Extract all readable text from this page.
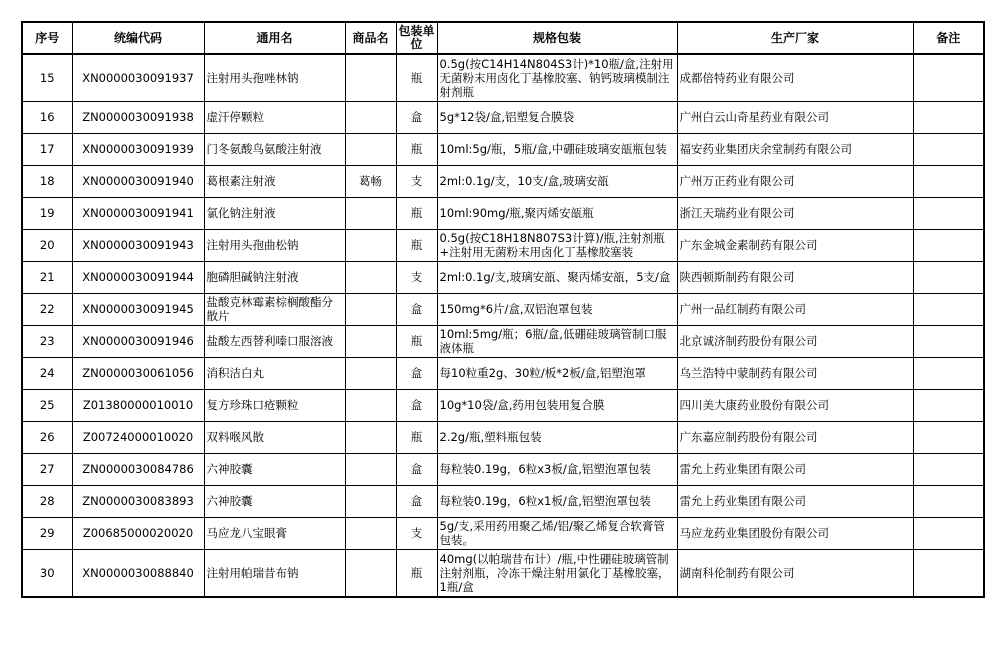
序号	统编代码	通用名	商品名	包装单位	规格包装	生产厂家	备注
15	XN0000030091937	注射用头孢唑林钠		瓶	0.5g(按C14H14N804S3计)*10瓶/盒,注射用无菌粉末用卤化丁基橡胶塞、钠钙玻璃模制注射剂瓶	成都倍特药业有限公司	
16	ZN0000030091938	虚汗停颗粒		盒	5g*12袋/盒,铝塑复合膜袋	广州白云山奇星药业有限公司	
17	XN0000030091939	门冬氨酸鸟氨酸注射液		瓶	10ml:5g/瓶，5瓶/盒,中硼硅玻璃安瓿瓶包装	福安药业集团庆余堂制药有限公司	
18	XN0000030091940	葛根素注射液	葛畅	支	2ml:0.1g/支，10支/盒,玻璃安瓿	广州万正药业有限公司	
19	XN0000030091941	氯化钠注射液		瓶	10ml:90mg/瓶,聚丙烯安瓿瓶	浙江天瑞药业有限公司	
20	XN0000030091943	注射用头孢曲松钠		瓶	0.5g(按C18H18N807S3计算)/瓶,注射剂瓶+注射用无菌粉末用卤化丁基橡胶塞装	广东金城金素制药有限公司	
21	XN0000030091944	胞磷胆碱钠注射液		支	2ml:0.1g/支,玻璃安瓿、聚丙烯安瓿，5支/盒	陕西顿斯制药有限公司	
22	XN0000030091945	盐酸克林霉素棕榈酸酯分散片		盒	150mg*6片/盒,双铝泡罩包装	广州一品红制药有限公司	
23	XN0000030091946	盐酸左西替利嗪口服溶液		瓶	10ml:5mg/瓶；6瓶/盒,低硼硅玻璃管制口服液体瓶	北京诚济制药股份有限公司	
24	ZN0000030061056	消积洁白丸		盒	每10粒重2g、30粒/板*2板/盒,铝塑泡罩	乌兰浩特中蒙制药有限公司	
25	Z01380000010010	复方珍珠口疮颗粒		盒	10g*10袋/盒,药用包装用复合膜	四川美大康药业股份有限公司	
26	Z00724000010020	双料喉风散		瓶	2.2g/瓶,塑料瓶包装	广东嘉应制药股份有限公司	
27	ZN0000030084786	六神胶囊		盒	每粒装0.19g，6粒x3板/盒,铝塑泡罩包装	雷允上药业集团有限公司	
28	ZN0000030083893	六神胶囊		盒	每粒装0.19g，6粒x1板/盒,铝塑泡罩包装	雷允上药业集团有限公司	
29	Z00685000020020	马应龙八宝眼膏		支	5g/支,采用药用聚乙烯/铝/聚乙烯复合软膏管包装。	马应龙药业集团股份有限公司	
30	XN0000030088840	注射用帕瑞昔布钠		瓶	40mg(以帕瑞昔布计）/瓶,中性硼硅玻璃管制注射剂瓶，冷冻干燥注射用氯化丁基橡胶塞，1瓶/盒	湖南科伦制药有限公司	
